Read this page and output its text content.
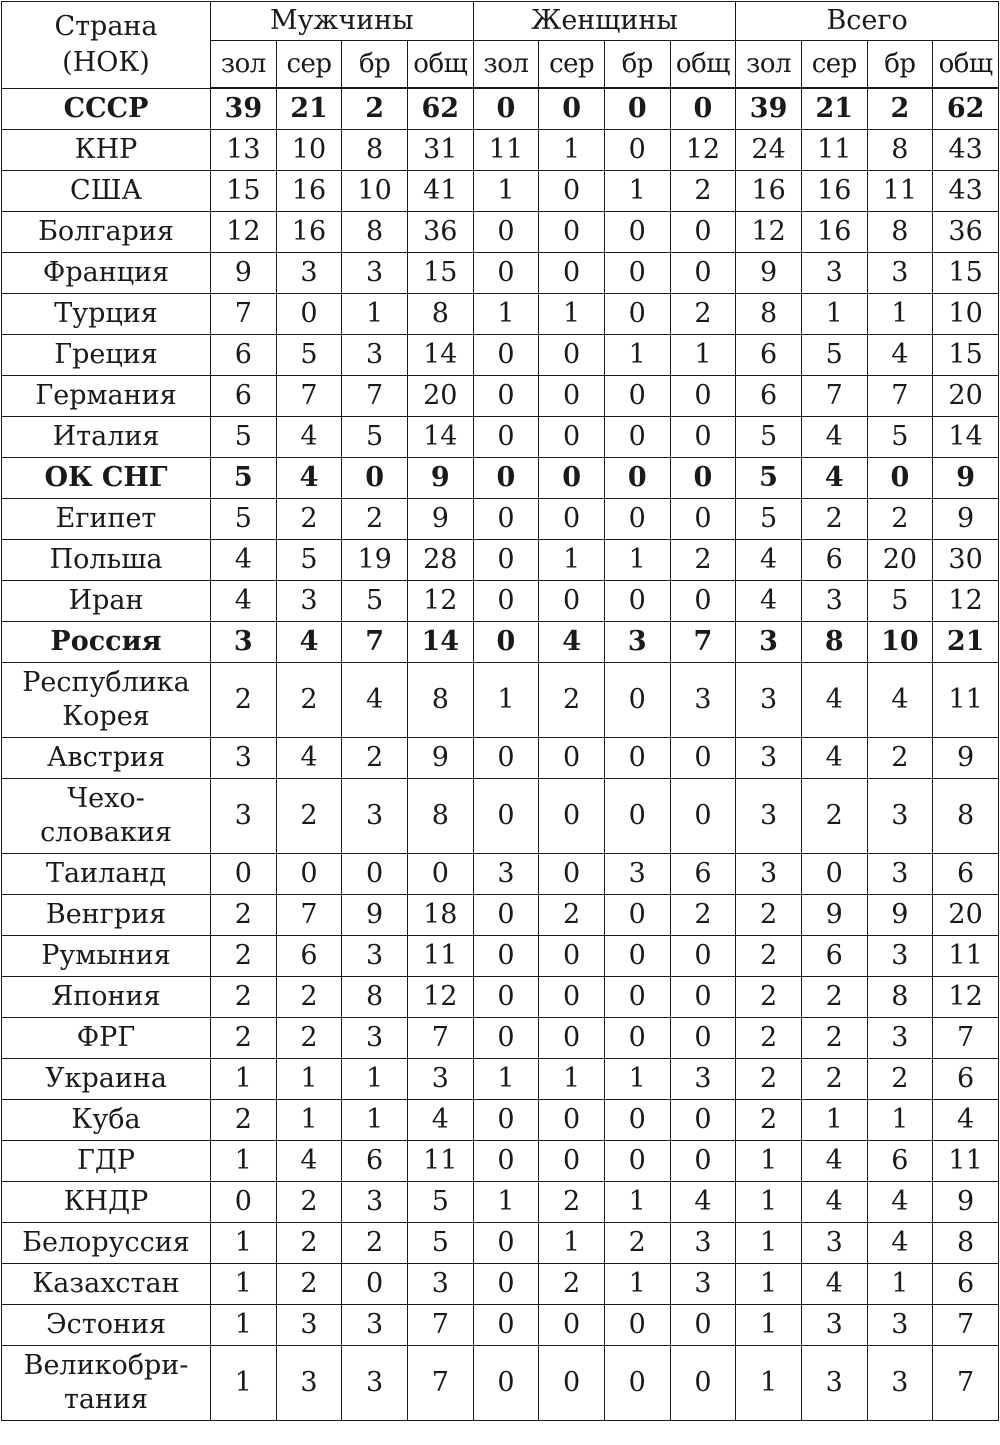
Страна
(НОК)	Мужчины				Женщины				Всего			
	зол	сер	бр	общ	зол	сер	бр	общ	зол	сер	бр	общ
СССР	39	21	2	62	0	0	0	0	39	21	2	62
КНР	13	10	8	31	11	1	0	12	24	11	8	43
США	15	16	10	41	1	0	1	2	16	16	11	43
Болгария	12	16	8	36	0	0	0	0	12	16	8	36
Франция	9	3	3	15	0	0	0	0	9	3	3	15
Турция	7	0	1	8	1	1	0	2	8	1	1	10
Греция	6	5	3	14	0	0	1	1	6	5	4	15
Германия	6	7	7	20	0	0	0	0	6	7	7	20
Италия	5	4	5	14	0	0	0	0	5	4	5	14
ОК СНГ	5	4	0	9	0	0	0	0	5	4	0	9
Египет	5	2	2	9	0	0	0	0	5	2	2	9
Польша	4	5	19	28	0	1	1	2	4	6	20	30
Иран	4	3	5	12	0	0	0	0	4	3	5	12
Россия	3	4	7	14	0	4	3	7	3	8	10	21
Республика
Корея	2	2	4	8	1	2	0	3	3	4	4	11
Австрия	3	4	2	9	0	0	0	0	3	4	2	9
Чехо-
словакия	3	2	3	8	0	0	0	0	3	2	3	8
Таиланд	0	0	0	0	3	0	3	6	3	0	3	6
Венгрия	2	7	9	18	0	2	0	2	2	9	9	20
Румыния	2	6	3	11	0	0	0	0	2	6	3	11
Япония	2	2	8	12	0	0	0	0	2	2	8	12
ФРГ	2	2	3	7	0	0	0	0	2	2	3	7
Украина	1	1	1	3	1	1	1	3	2	2	2	6
Куба	2	1	1	4	0	0	0	0	2	1	1	4
ГДР	1	4	6	11	0	0	0	0	1	4	6	11
КНДР	0	2	3	5	1	2	1	4	1	4	4	9
Белоруссия	1	2	2	5	0	1	2	3	1	3	4	8
Казахстан	1	2	0	3	0	2	1	3	1	4	1	6
Эстония	1	3	3	7	0	0	0	0	1	3	3	7
Великобри-
тания	1	3	3	7	0	0	0	0	1	3	3	7
